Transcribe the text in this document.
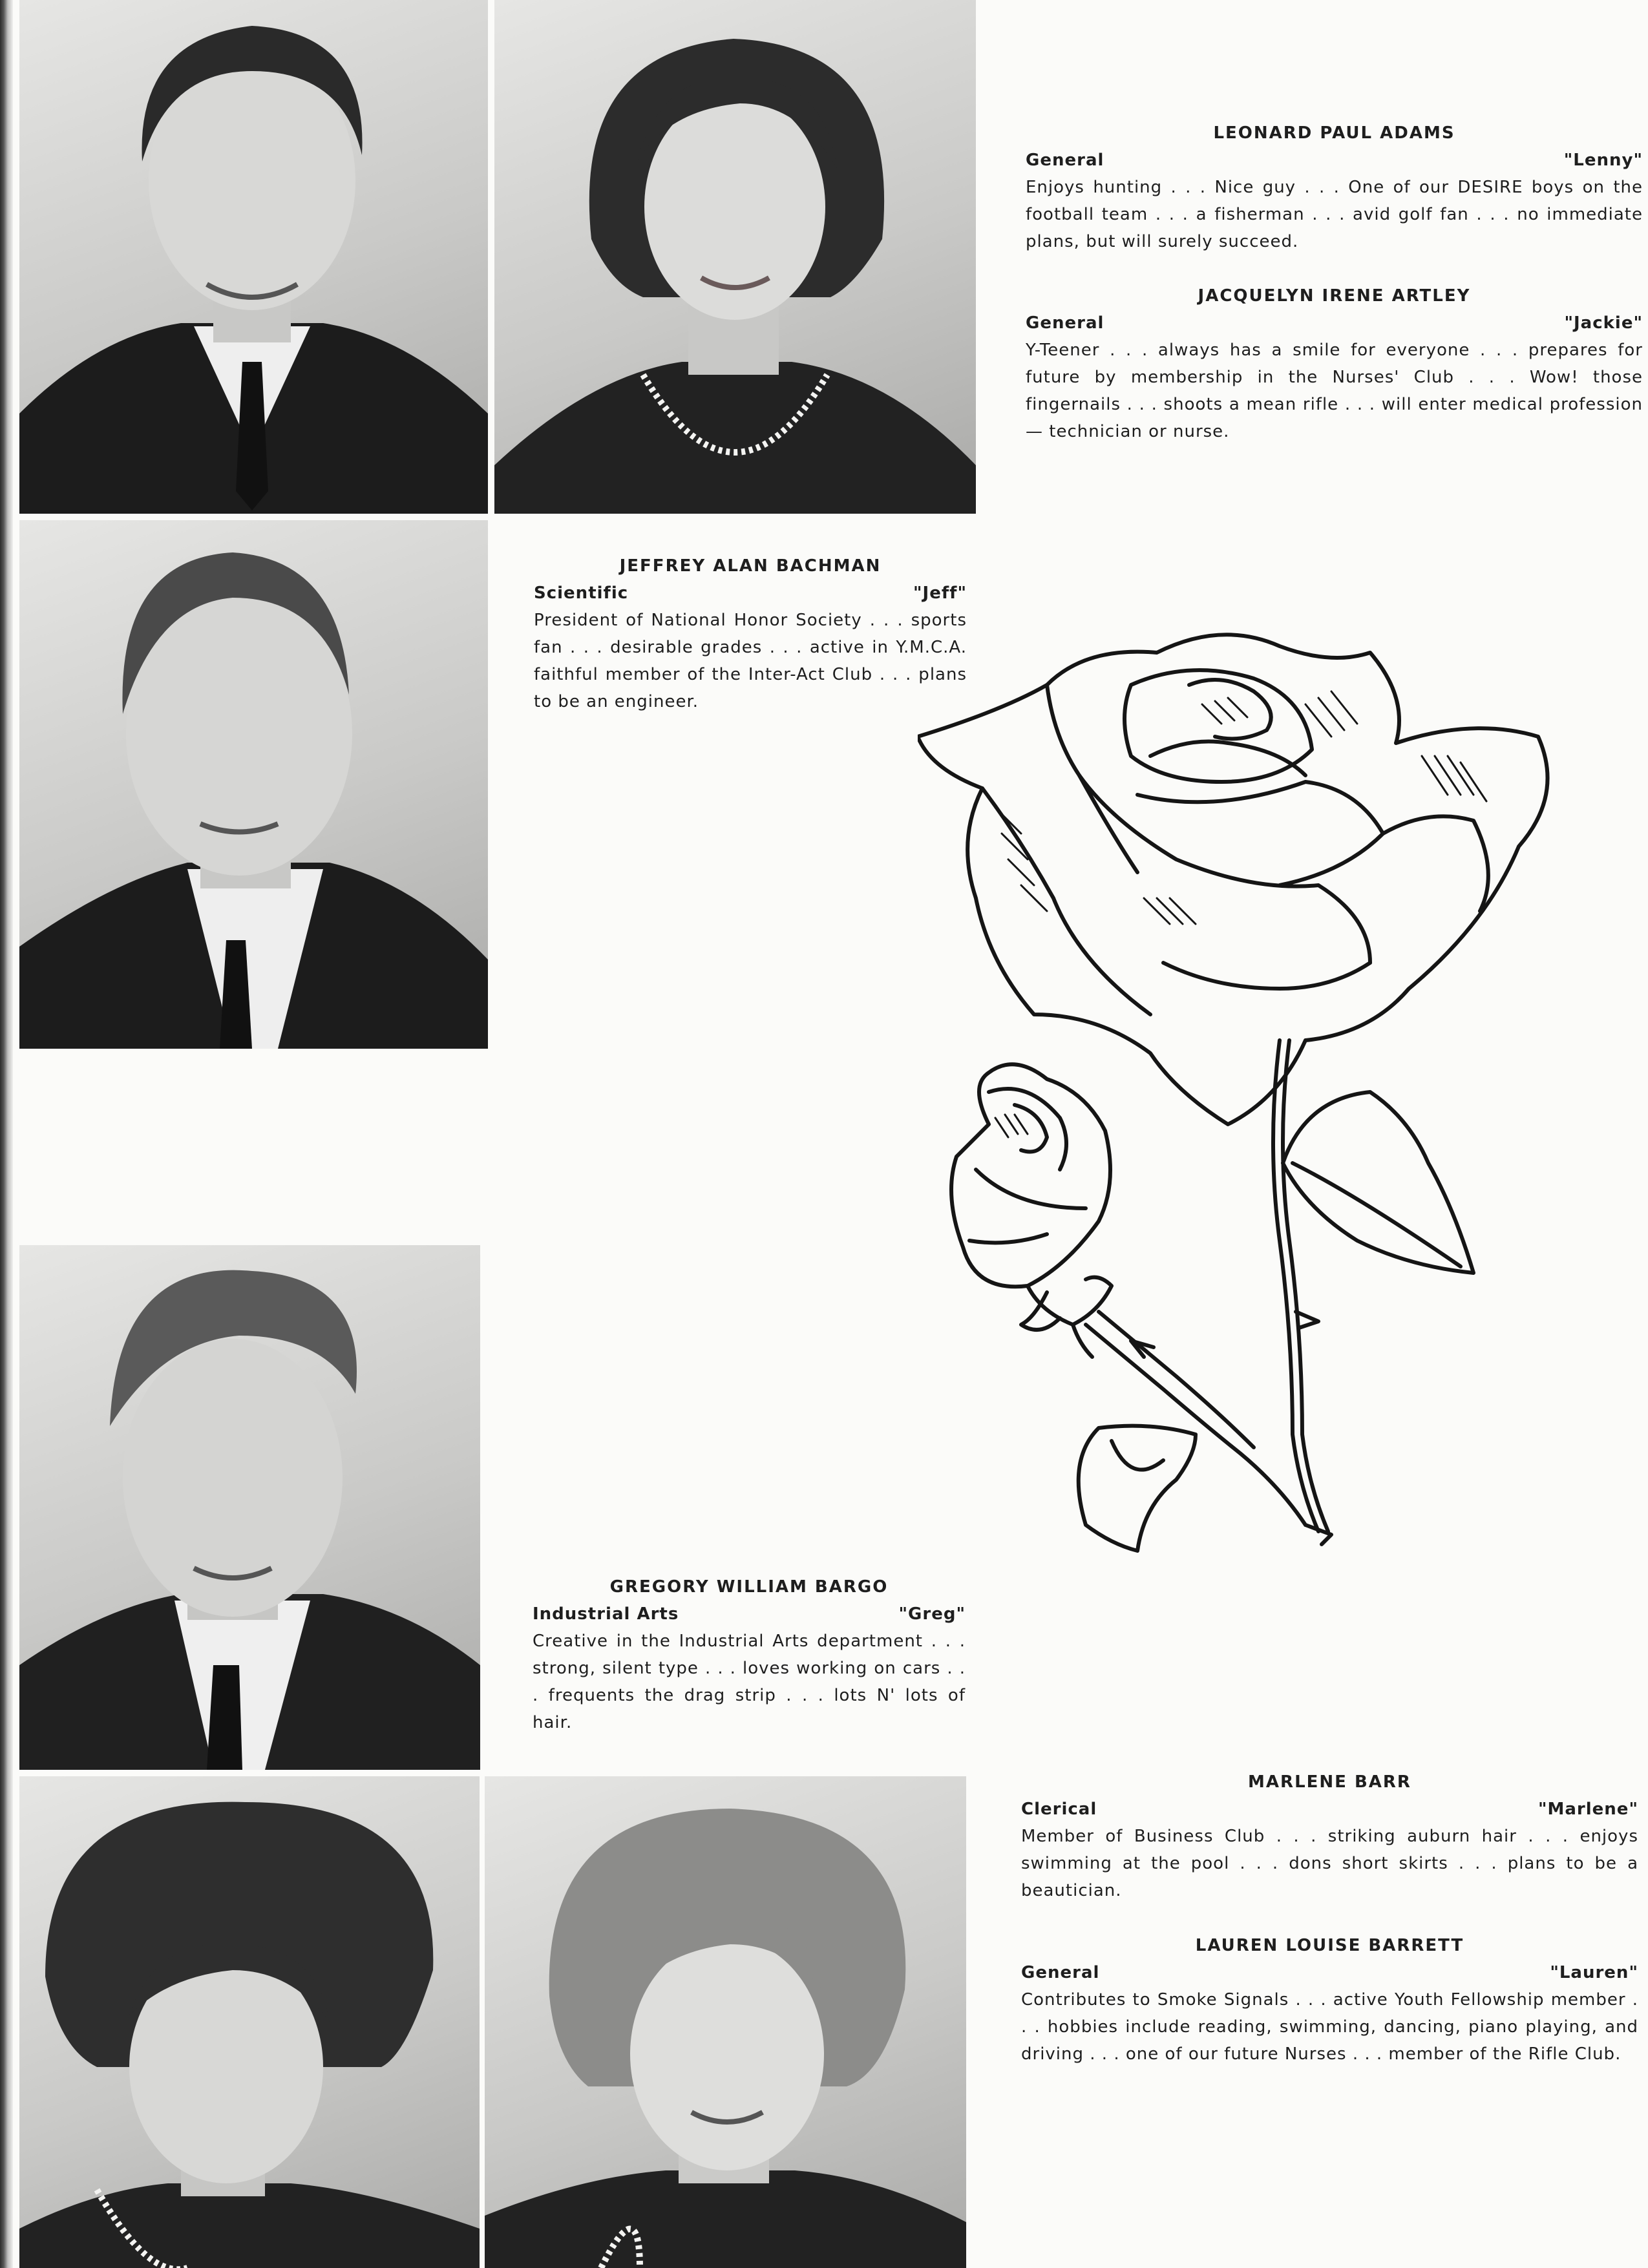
LEONARD PAUL ADAMS
General	"Lenny"
Enjoys hunting . . . Nice guy . . . One of our DESIRE boys on the football team . . . a fisherman . . . avid golf fan . . . no immediate plans, but will surely succeed.
JACQUELYN IRENE ARTLEY
General	"Jackie"
Y-Teener . . . always has a smile for everyone . . . prepares for future by membership in the Nurses' Club . . . Wow! those fingernails . . . shoots a mean rifle . . . will enter medical profession — technician or nurse.
JEFFREY ALAN BACHMAN
Scientific	"Jeff"
President of National Honor Society . . . sports fan . . . desirable grades . . . active in Y.M.C.A. faithful member of the Inter-Act Club . . . plans to be an engineer.
GREGORY WILLIAM BARGO
Industrial Arts	"Greg"
Creative in the Industrial Arts department . . . strong, silent type . . . loves working on cars . . . frequents the drag strip . . . lots N' lots of hair.
MARLENE BARR
Clerical	"Marlene"
Member of Business Club . . . striking auburn hair . . . enjoys swimming at the pool . . . dons short skirts . . . plans to be a beautician.
LAUREN LOUISE BARRETT
General	"Lauren"
Contributes to Smoke Signals . . . active Youth Fellowship member . . . hobbies include reading, swimming, dancing, piano playing, and driving . . . one of our future Nurses . . . member of the Rifle Club.
